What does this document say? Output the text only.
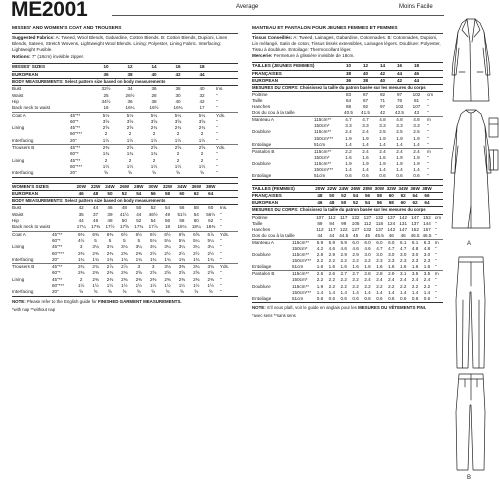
ME2001	Average	Moins Facile
MISSES' AND WOMEN'S COAT AND TROUSERS
Suggested Fabrics: A: Tweed, Wool Blends, Gabardine, Cotton Blends. B: Cotton Blends, Dupioni, Linen Blends, Sateen, Stretch Wovens, Lightweight Wool Blends. Lining: Polyester, Lining Fabric. Interfacing: Lightweight Fusible.
Notions: 7" (18cm) invisible zipper.
MISSES' SIZES	10	12	14	16	18
EUROPEAN	36	38	40	42	44
BODY MEASUREMENTS: Select pattern size based on body measurements
Bust	32½	34	36	38	40	Ins.
Waist	25	26½	28	30	32	"
Hip	34½	36	38	40	42	"
Back neck to waist	16	16¼	16½	16¾	17	"
Coat A	45"**	5⅛	5⅛	5¼	5¼	5¼	Yds.
60"*	3⅝	3⅝	3⅝	3⅝	3⅝	"
Lining	45"**	2⅝	2⅝	2¾	2¾	2¾	"
60"***	2	2	2	2	2	"
Interfacing	20"	1½	1½	1½	1½	1½	"
Trousers B	45"**	2⅜	2⅝	2⅝	2⅝	2⅝	Yds.
60"*	1¾	1¾	1¾	2	2	"
Lining	45"**	2	2	2	2	2	"
60"***	1½	1½	1½	1½	1½	"
Interfacing	20"	⅝	⅝	⅝	⅝	⅝	"
WOMEN'S SIZES	20W	22W	24W	26W	28W	30W	32W	34W	36W	38W
EUROPEAN	46	48	50	52	54	56	58	60	62	64
BODY MEASUREMENTS: Select pattern size based on body measurements
Bust	42	44	46	48	50	52	54	56	58	60	Ins.
Waist	35	37	39	41½	44	46½	49	51½	54	56½	"
Hip	44	46	48	50	52	54	56	58	60	62	"
Back neck to waist	17¼	17⅜	17½	17⅝	17¾	17⅞	18	18⅛	18¼	18⅜	"
Coat A	45"**	6⅜	6⅜	6⅜	6½	6½	6½	6½	6⅝	6⅝	6⅞	Yds.
60"*	4½	5	5	5	5	5⅛	5⅛	5⅛	5¼	5¼	"
Lining	45"**	3	3⅛	3⅛	3⅛	3¼	3¼	3¼	3¼	3¼	3¼	"
60"***	2⅜	2⅜	2⅜	2⅜	2⅜	2½	2½	2½	2½	2½	"
Interfacing	20"	1¾	1¾	1¾	1¾	1¾	1¾	1¾	1¾	1¾	1¾	"
Trousers B	45"**	2¾	2¾	2⅞	2⅞	3	3	3⅛	3⅜	3¾	3¾	Yds.
60"*	2⅜	2⅜	2⅜	2⅜	2⅝	2⅝	2⅝	2⅝	2⅝	2⅝	"
Lining	45"**	2	2⅜	2⅜	2⅜	2⅜	2⅜	2⅜	2⅜	2⅜	2⅜	"
60"***	1½	1½	1½	1½	1½	1½	1½	1½	1½	1½	"
Interfacing	20"	⅝	⅝	⅝	⅝	⅝	⅝	⅝	⅝	⅝	⅝	"
NOTE: Please refer to the English guide for FINISHED GARMENT MEASUREMENTS.
*with nap **without nap
MANTEAU ET PANTALON POUR JEUNES FEMMES ET FEMMES
Tissus Conseillés: A: Tweed, Lainages, Gabardine, Cotonnades. B: Cotonnades, Dupioni, Lin mélangé, Satin de coton, Tissus tissés extensibles, Lainages légers. Doublure: Polyester, Tissu à doublure. Entoilage: Thermocollant léger.
Mercerie: Fermeture à glissière invisible de 18cm.
TAILLES (JEUNES FEMMES)	10	12	14	16	18
FRANÇAISES	38	40	42	44	46
EUROPEAN	36	38	40	42	44
MESURES DU CORPS: Choisissez la taille du patron basée sur les mesures du corps
Poitrine	83	87	92	97	102	cm
Taille	64	67	71	76	81	"
Hanches	88	92	97	102	107	"
Dos du cou à la taille	40.5	41.5	42	42.5	43	"
Manteau A	115cm**	4.7	4.7	4.8	4.8	4.8	m
150cm*	3.3	3.3	3.3	3.3	3.3	"
Doublure	115cm**	2.4	2.4	2.5	2.5	2.5	"
150cm***	1.9	1.9	1.9	1.9	1.9	"
Entoilage	51cm	1.4	1.4	1.4	1.4	1.4	"
Pantalon B	115cm**	2.2	2.4	2.4	2.4	2.4	m
150cm*	1.6	1.6	1.6	1.9	1.9	"
Doublure	115cm**	1.9	1.9	1.9	1.9	1.9	"
150cm***	1.4	1.4	1.4	1.4	1.4	"
Entoilage	51cm	0.6	0.6	0.6	0.6	0.6	"
TAILLES (FEMMES)	20W 22W 24W 26W 28W 30W 32W 34W 36W 38W
FRANÇAISES	48	50	52	54	56	58	60	62	64	66
EUROPEAN	46	48	50	52	54	56	58	60	62	64
MESURES DU CORPS: Choisissez la taille du patron basée sur les mesures du corps
Poitrine	107 112 117 122 127 132 137 142 147 152 cm
Taille	89	94	99	105 112 118 124 131 137 144 "
Hanches	112 117 122 127 132 137 142 147 152 157 "
Dos du cou à la taille	44	44	44.5	45	45	45.5	46	46	46.5 46.5 "
Manteau A	115cm**	5.9	5.9	5.9	6.0	6.0	6.0	6.0	6.1	6.1	6.3	m
150cm*	4.2	4.6	4.6	4.6	4.6	4.7	4.7	4.7	4.8	4.8	"
Doublure	115cm**	2.8	2.9	2.9	2.9	3.0	3.0	3.0	3.0	3.0	3.0	"
150cm***	2.2	2.2	2.2	2.2	2.2	2.3	2.3	2.3	2.3	2.3	"
Entoilage	51cm	1.6	1.6	1.6	1.6	1.6	1.6	1.6	1.6	1.6	1.6	"
Pantalon B	115cm**	2.6	2.6	2.7	2.7	2.8	2.8	2.9	3.1	3.5	3.5	m
150cm*	2.2	2.2	2.2	2.2	2.4	2.4	2.4	2.4	2.4	2.4	"
Doublure	115cm**	1.9	2.2	2.2	2.2	2.2	2.2	2.2	2.2	2.2	2.2	"
150cm***	1.4	1.4	1.4	1.4	1.4	1.4	1.4	1.4	1.4	1.4	"
Entoilage	51cm	0.6	0.6	0.6	0.6	0.6	0.6	0.6	0.6	0.6	0.6	"
NOTE: S'il vous plaît, voir le guide en anglais pour les MESURES DU VÊTEMENTS FINI.
*avec sens **sans sens
A
B
